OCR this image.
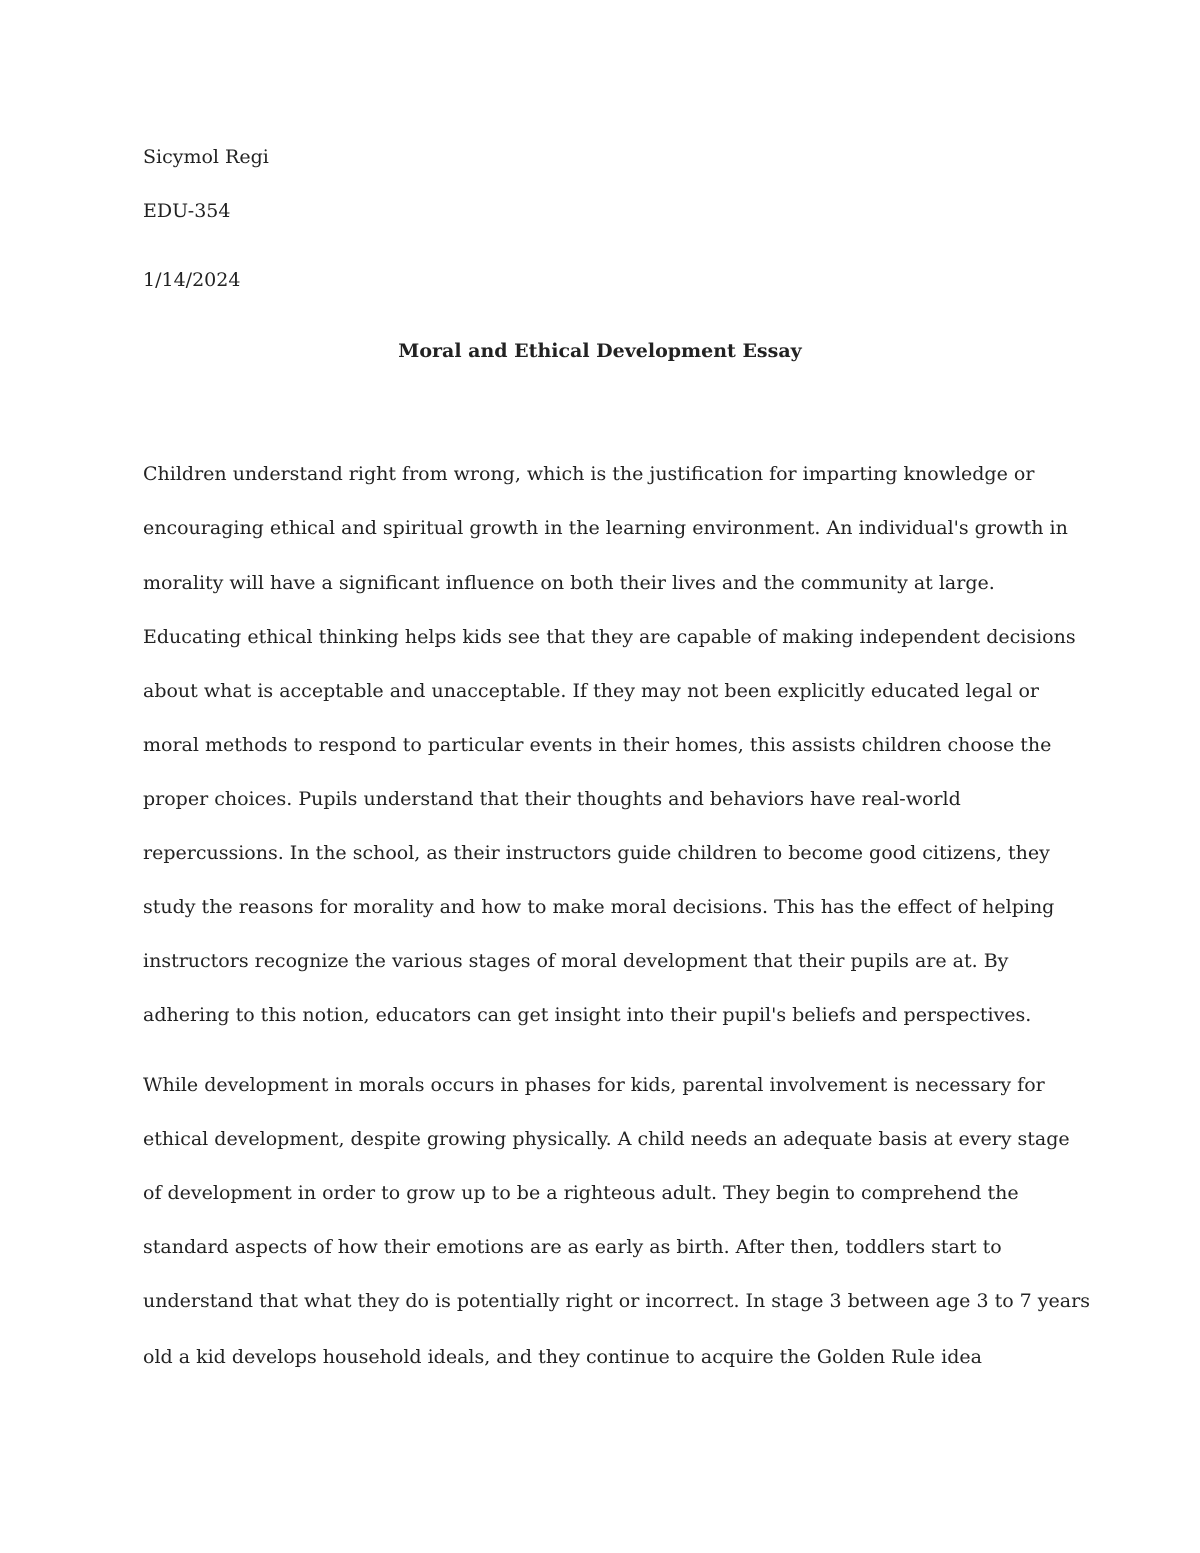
Sicymol Regi
EDU-354
1/14/2024
Moral and Ethical Development Essay
Children understand right from wrong, which is the justification for imparting knowledge or
encouraging ethical and spiritual growth in the learning environment. An individual's growth in
morality will have a significant influence on both their lives and the community at large.
Educating ethical thinking helps kids see that they are capable of making independent decisions
about what is acceptable and unacceptable. If they may not been explicitly educated legal or
moral methods to respond to particular events in their homes, this assists children choose the
proper choices. Pupils understand that their thoughts and behaviors have real-world
repercussions. In the school, as their instructors guide children to become good citizens, they
study the reasons for morality and how to make moral decisions. This has the effect of helping
instructors recognize the various stages of moral development that their pupils are at. By
adhering to this notion, educators can get insight into their pupil's beliefs and perspectives.
While development in morals occurs in phases for kids, parental involvement is necessary for
ethical development, despite growing physically. A child needs an adequate basis at every stage
of development in order to grow up to be a righteous adult. They begin to comprehend the
standard aspects of how their emotions are as early as birth. After then, toddlers start to
understand that what they do is potentially right or incorrect. In stage 3 between age 3 to 7 years
old a kid develops household ideals, and they continue to acquire the Golden Rule idea
